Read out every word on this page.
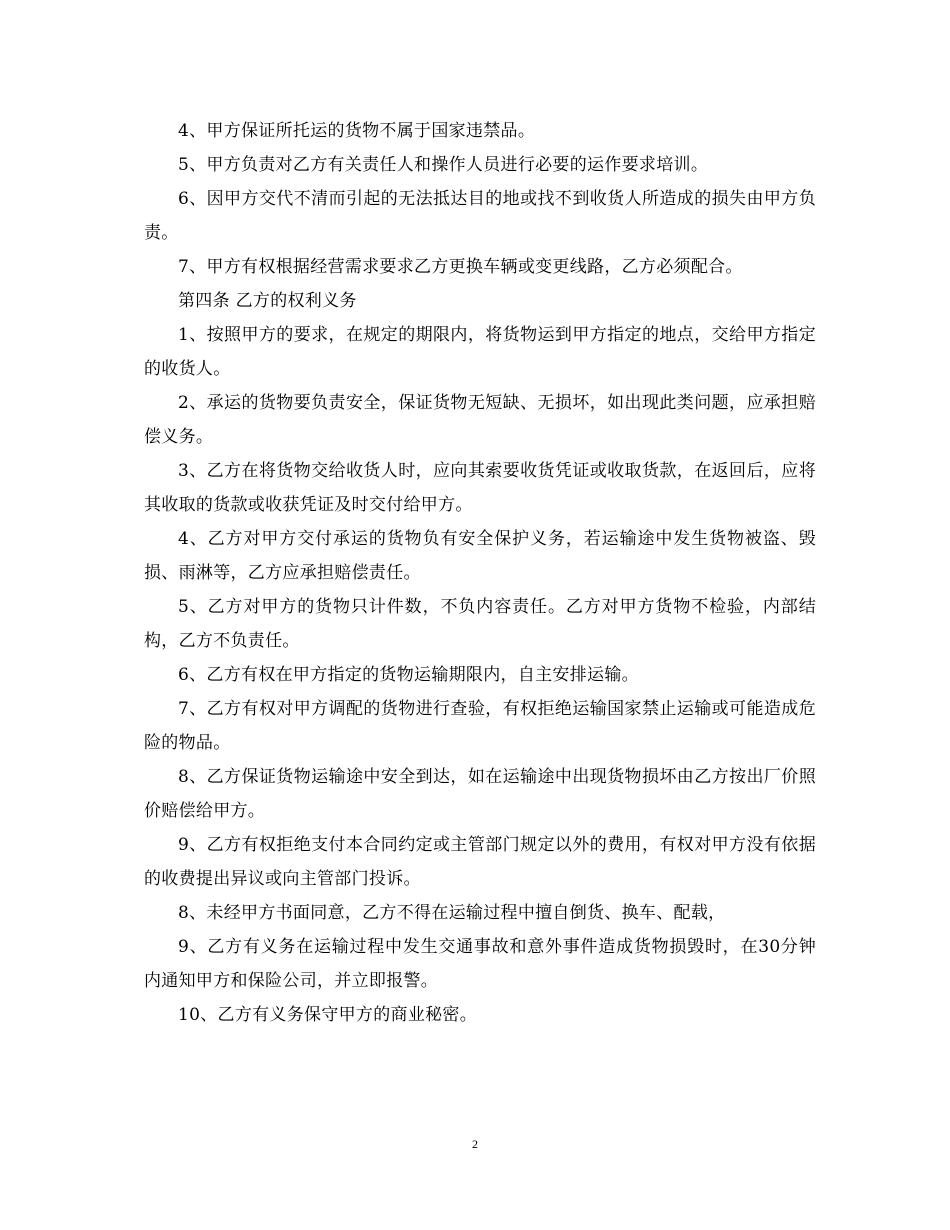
4、甲方保证所托运的货物不属于国家违禁品。

5、甲方负责对乙方有关责任人和操作人员进行必要的运作要求培训。

6、因甲方交代不清而引起的无法抵达目的地或找不到收货人所造成的损失由甲方负责。

7、甲方有权根据经营需求要求乙方更换车辆或变更线路，乙方必须配合。

第四条 乙方的权利义务

1、按照甲方的要求，在规定的期限内，将货物运到甲方指定的地点，交给甲方指定的收货人。

2、承运的货物要负责安全，保证货物无短缺、无损坏，如出现此类问题，应承担赔偿义务。

3、乙方在将货物交给收货人时，应向其索要收货凭证或收取货款，在返回后，应将其收取的货款或收获凭证及时交付给甲方。

4、乙方对甲方交付承运的货物负有安全保护义务，若运输途中发生货物被盗、毁损、雨淋等，乙方应承担赔偿责任。

5、乙方对甲方的货物只计件数，不负内容责任。乙方对甲方货物不检验，内部结构，乙方不负责任。

6、乙方有权在甲方指定的货物运输期限内，自主安排运输。

7、乙方有权对甲方调配的货物进行查验，有权拒绝运输国家禁止运输或可能造成危险的物品。

8、乙方保证货物运输途中安全到达，如在运输途中出现货物损坏由乙方按出厂价照价赔偿给甲方。

9、乙方有权拒绝支付本合同约定或主管部门规定以外的费用，有权对甲方没有依据的收费提出异议或向主管部门投诉。

8、未经甲方书面同意，乙方不得在运输过程中擅自倒货、换车、配载，

9、乙方有义务在运输过程中发生交通事故和意外事件造成货物损毁时，在30分钟内通知甲方和保险公司，并立即报警。

10、乙方有义务保守甲方的商业秘密。

2
